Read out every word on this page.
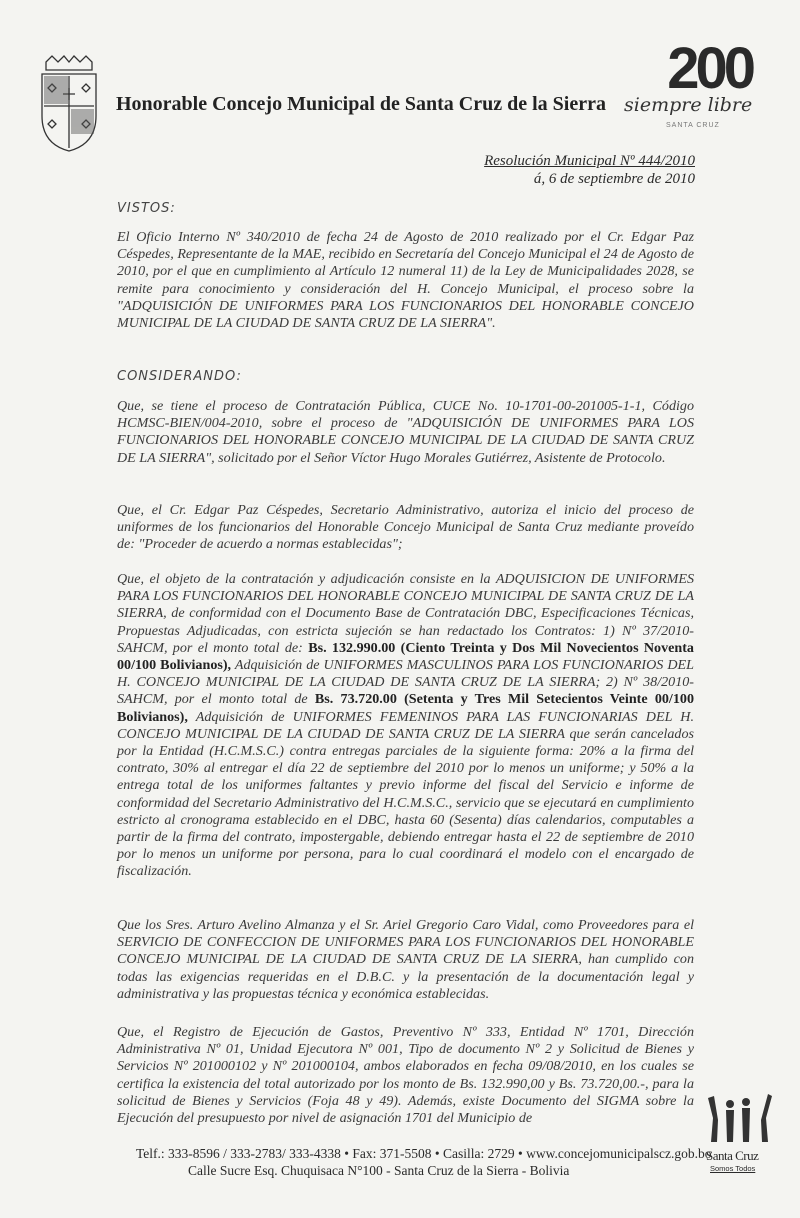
Honorable Concejo Municipal de Santa Cruz de la Sierra
200
siempre libre
SANTA CRUZ
Resolución Municipal Nº 444/2010
á, 6 de septiembre de 2010
VISTOS:

El Oficio Interno Nº 340/2010 de fecha 24 de Agosto de 2010 realizado por el Cr. Edgar Paz Céspedes, Representante de la MAE, recibido en Secretaría del Concejo Municipal el 24 de Agosto de 2010, por el que en cumplimiento al Artículo 12 numeral 11) de la Ley de Municipalidades 2028, se remite para conocimiento y consideración del H. Concejo Municipal, el proceso sobre la "ADQUISICIÓN DE UNIFORMES PARA LOS FUNCIONARIOS DEL HONORABLE CONCEJO MUNICIPAL DE LA CIUDAD DE SANTA CRUZ DE LA SIERRA".

CONSIDERANDO:

Que, se tiene el proceso de Contratación Pública, CUCE No. 10-1701-00-201005-1-1, Código HCMSC-BIEN/004-2010, sobre el proceso de "ADQUISICIÓN DE UNIFORMES PARA LOS FUNCIONARIOS DEL HONORABLE CONCEJO MUNICIPAL DE LA CIUDAD DE SANTA CRUZ DE LA SIERRA", solicitado por el Señor Víctor Hugo Morales Gutiérrez, Asistente de Protocolo.

Que, el Cr. Edgar Paz Céspedes, Secretario Administrativo, autoriza el inicio del proceso de uniformes de los funcionarios del Honorable Concejo Municipal de Santa Cruz mediante proveído de: "Proceder de acuerdo a normas establecidas";

Que, el objeto de la contratación y adjudicación consiste en la ADQUISICION DE UNIFORMES PARA LOS FUNCIONARIOS DEL HONORABLE CONCEJO MUNICIPAL DE SANTA CRUZ DE LA SIERRA, de conformidad con el Documento Base de Contratación DBC, Especificaciones Técnicas, Propuestas Adjudicadas, con estricta sujeción se han redactado los Contratos: 1) Nº 37/2010-SAHCM, por el monto total de: Bs. 132.990.00 (Ciento Treinta y Dos Mil Novecientos Noventa 00/100 Bolivianos), Adquisición de UNIFORMES MASCULINOS PARA LOS FUNCIONARIOS DEL H. CONCEJO MUNICIPAL DE LA CIUDAD DE SANTA CRUZ DE LA SIERRA; 2) Nº 38/2010-SAHCM, por el monto total de Bs. 73.720.00 (Setenta y Tres Mil Setecientos Veinte 00/100 Bolivianos), Adquisición de UNIFORMES FEMENINOS PARA LAS FUNCIONARIAS DEL H. CONCEJO MUNICIPAL DE LA CIUDAD DE SANTA CRUZ DE LA SIERRA que serán cancelados por la Entidad (H.C.M.S.C.) contra entregas parciales de la siguiente forma: 20% a la firma del contrato, 30% al entregar el día 22 de septiembre del 2010 por lo menos un uniforme; y 50% a la entrega total de los uniformes faltantes y previo informe del fiscal del Servicio e informe de conformidad del Secretario Administrativo del H.C.M.S.C., servicio que se ejecutará en cumplimiento estricto al cronograma establecido en el DBC, hasta 60 (Sesenta) días calendarios, computables a partir de la firma del contrato, impostergable, debiendo entregar hasta el 22 de septiembre de 2010 por lo menos un uniforme por persona, para lo cual coordinará el modelo con el encargado de fiscalización.

Que los Sres. Arturo Avelino Almanza y el Sr. Ariel Gregorio Caro Vidal, como Proveedores para el SERVICIO DE CONFECCION DE UNIFORMES PARA LOS FUNCIONARIOS DEL HONORABLE CONCEJO MUNICIPAL DE LA CIUDAD DE SANTA CRUZ DE LA SIERRA, han cumplido con todas las exigencias requeridas en el D.B.C. y la presentación de la documentación legal y administrativa y las propuestas técnica y económica establecidas.

Que, el Registro de Ejecución de Gastos, Preventivo Nº 333, Entidad Nº 1701, Dirección Administrativa Nº 01, Unidad Ejecutora Nº 001, Tipo de documento Nº 2 y Solicitud de Bienes y Servicios Nº 201000102 y Nº 201000104, ambos elaborados en fecha 09/08/2010, en los cuales se certifica la existencia del total autorizado por los monto de Bs. 132.990,00 y Bs. 73.720,00.-, para la solicitud de Bienes y Servicios (Foja 48 y 49). Además, existe Documento del SIGMA sobre la Ejecución del presupuesto por nivel de asignación 1701 del Municipio de

Telf.: 333-8596 / 333-2783/ 333-4338 • Fax: 371-5508 • Casilla: 2729 • www.concejomunicipalscz.gob.bo
Calle Sucre Esq. Chuquisaca N°100 - Santa Cruz de la Sierra - Bolivia
Santa Cruz
Somos Todos
